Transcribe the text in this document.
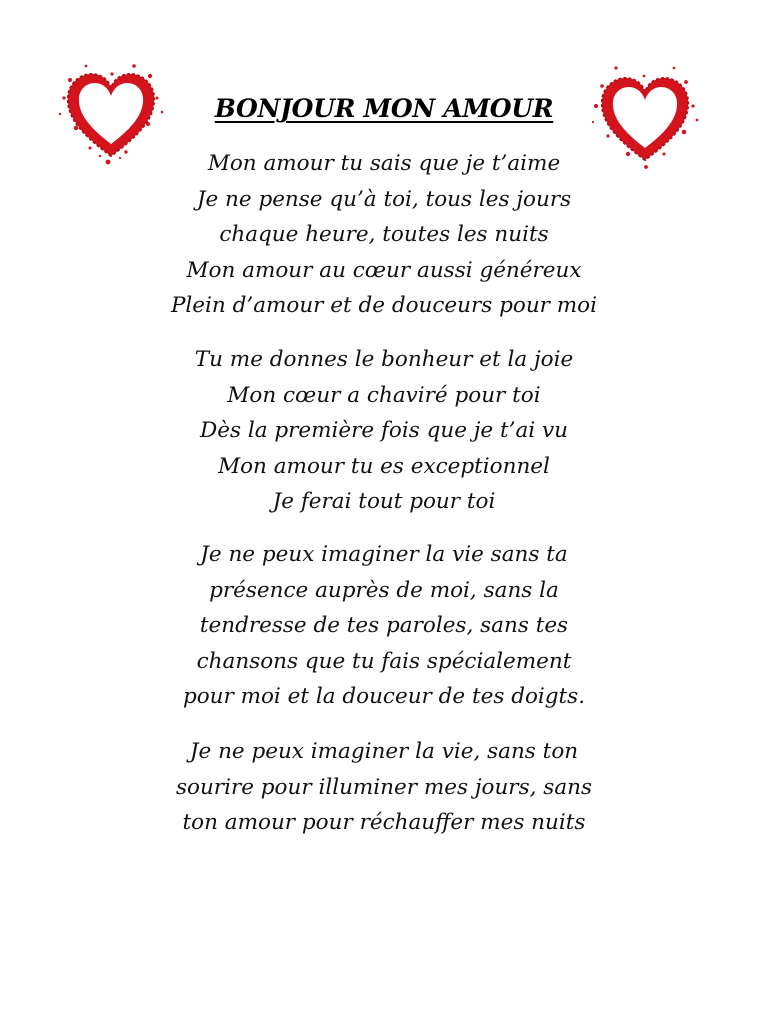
BONJOUR MON AMOUR
Mon amour tu sais que je t’aime
Je ne pense qu’à toi, tous les jours
chaque heure, toutes les nuits
Mon amour au cœur aussi généreux
Plein d’amour et de douceurs pour moi
Tu me donnes le bonheur et la joie
Mon cœur a chaviré pour toi
Dès la première fois que je t’ai vu
Mon amour tu es exceptionnel
Je ferai tout pour toi
Je ne peux imaginer la vie sans ta
présence auprès de moi, sans la
tendresse de tes paroles, sans tes
chansons que tu fais spécialement
pour moi et la douceur de tes doigts.
Je ne peux imaginer la vie, sans ton
sourire pour illuminer mes jours, sans
ton amour pour réchauffer mes nuits
